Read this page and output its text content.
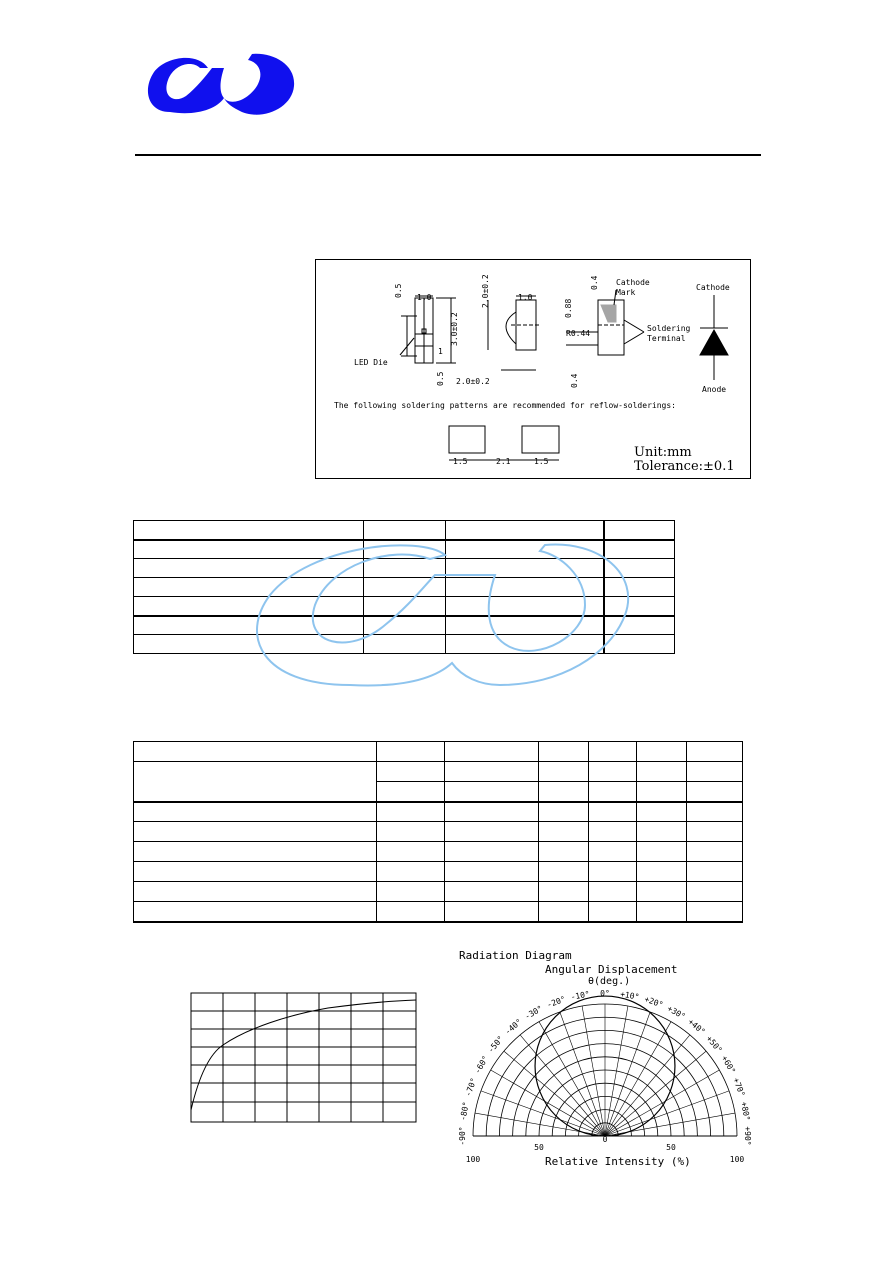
0.5 1.0
3.0±0.2
1
0.5
2.0±0.2	1.0
2.0±0.2
0.88
0.4
R0.44
0.4
LED Die
Cathode
Mark
Soldering
Terminal
Cathode
Anode
The following soldering patterns are recommended for reflow-solderings:
1.5	2.1	1.5
Unit:mm
Tolerance:±0.1

Radiation Diagram
Angular Displacement
θ(deg.)
-90°
-80°
-70°
-60°
-50°
-40°
-30°
-20° -10° 0° +10° +20°
+30°
+40°
+50°
+60°
+70°
+80°
+90°
100
50
0
50
100
Relative Intensity (%)
